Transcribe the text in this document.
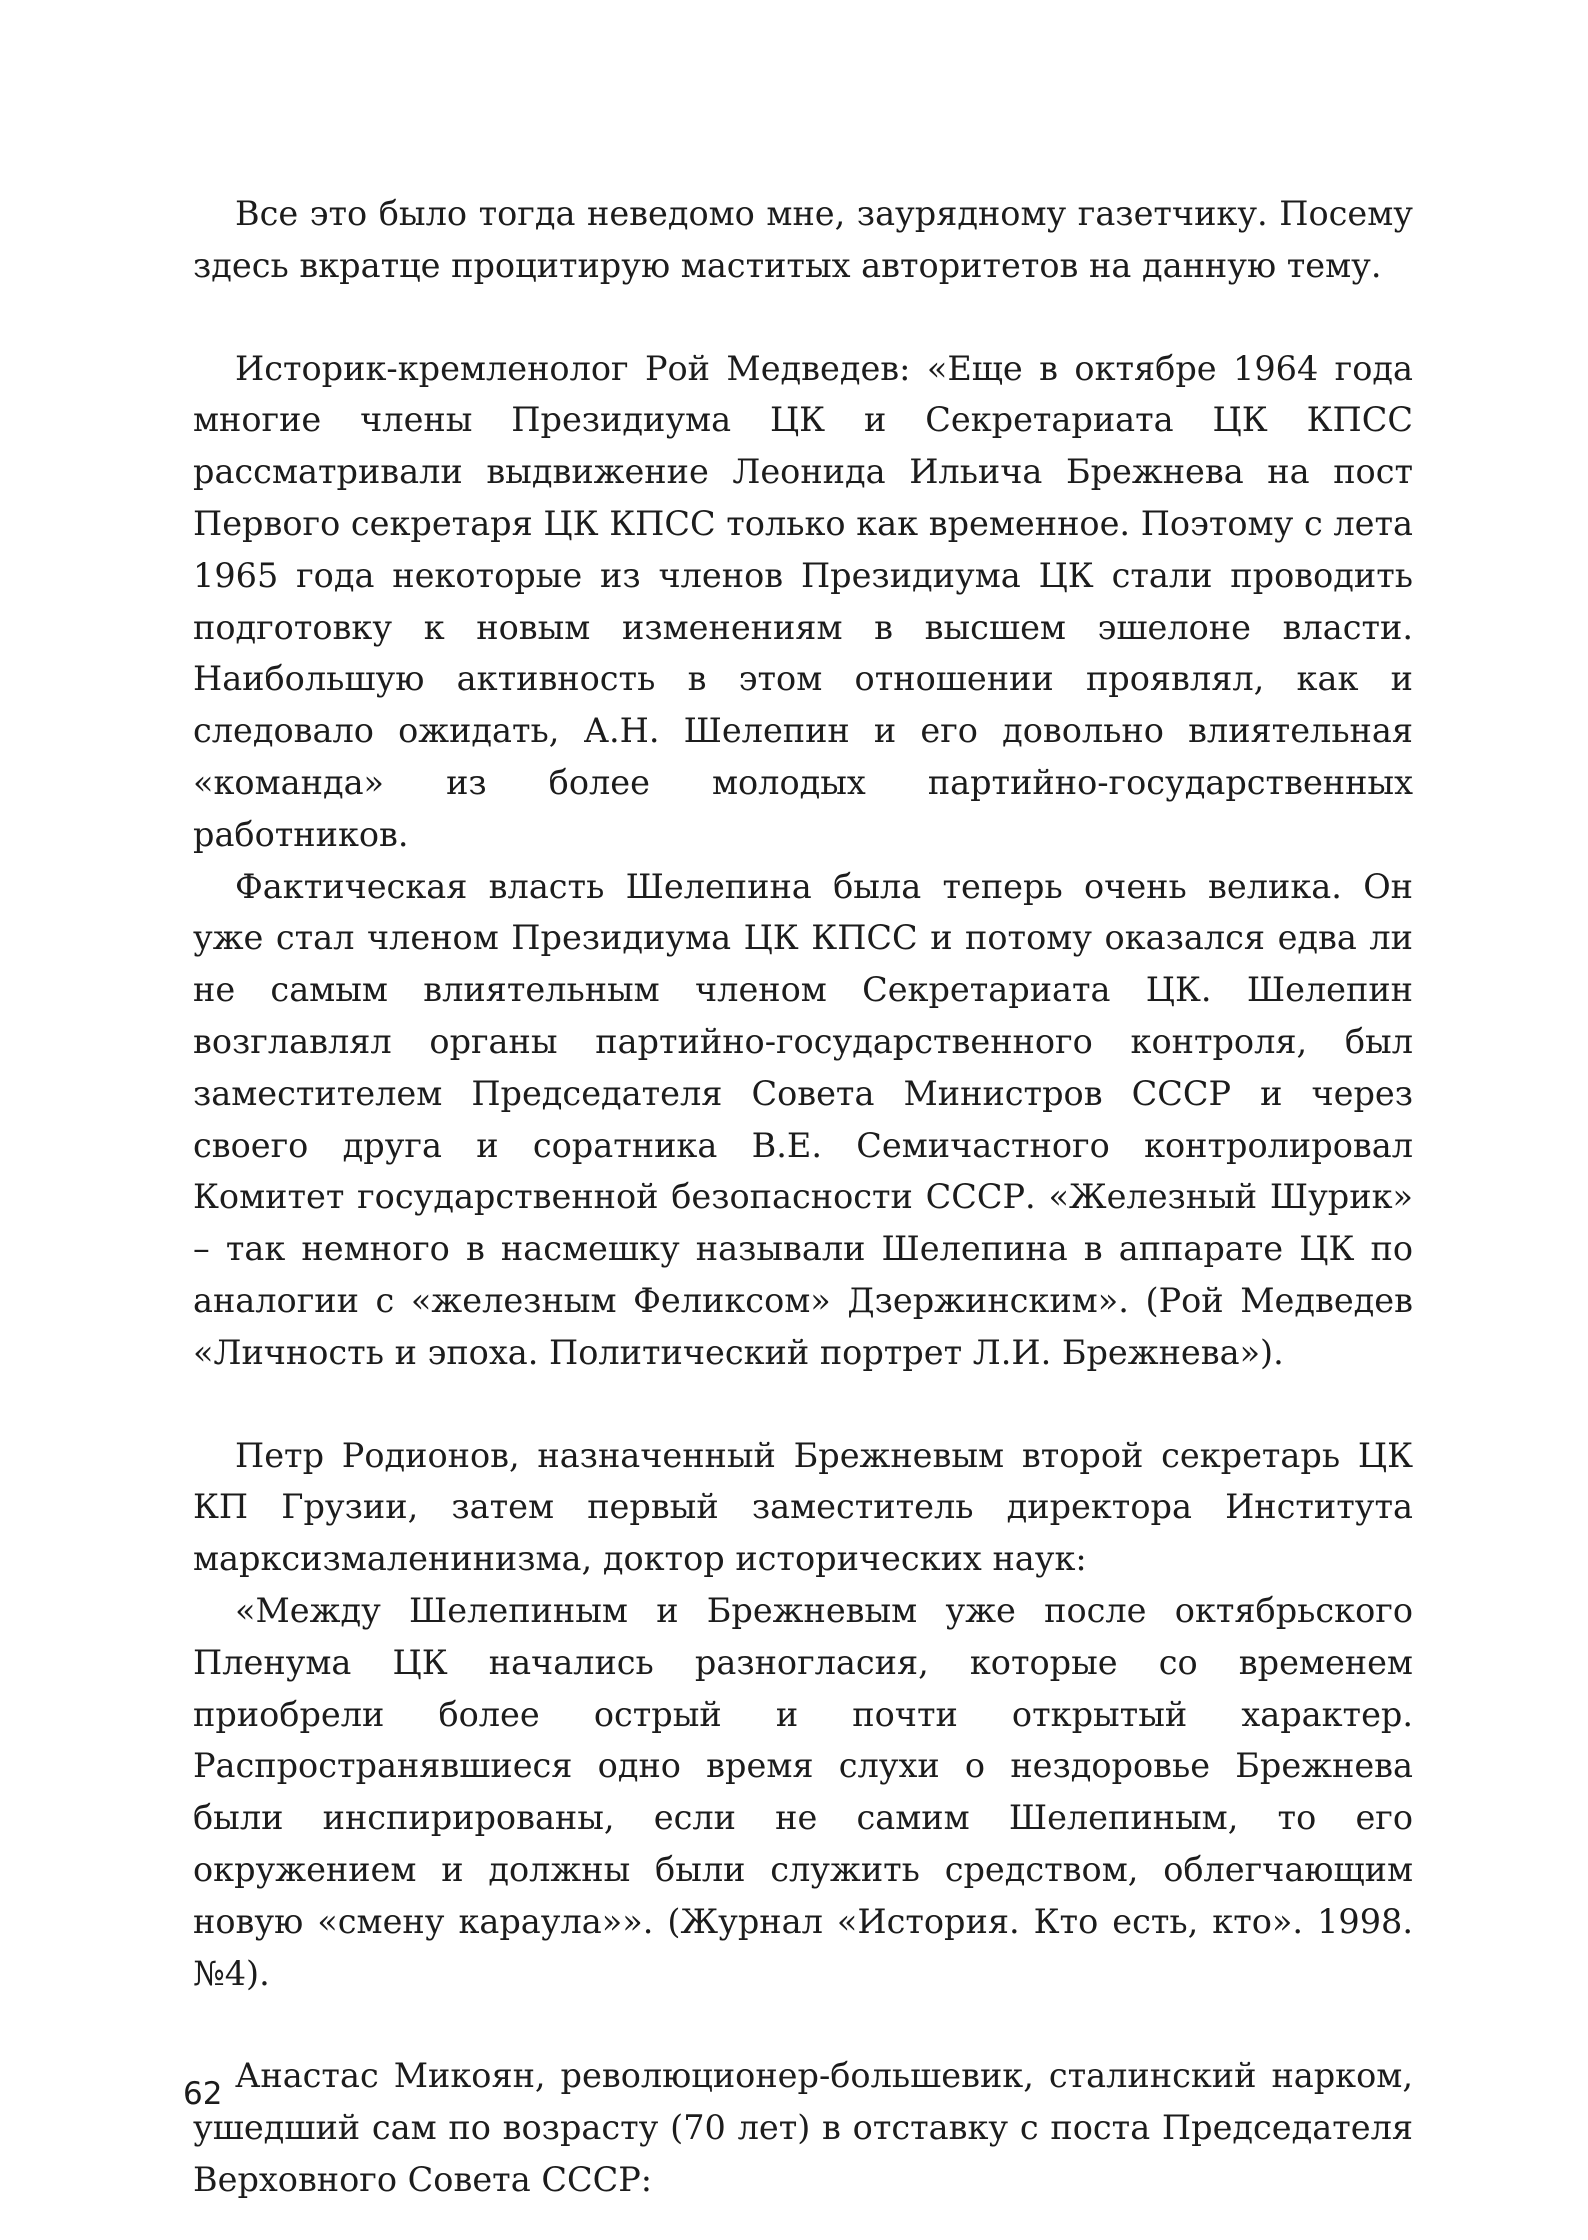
Все это было тогда неведомо мне, заурядному газетчику. Посему здесь вкратце процитирую маститых авторитетов на данную тему.

Историк-кремленолог Рой Медведев: «Еще в октябре 1964 года многие члены Президиума ЦК и Секретариата ЦК КПСС рассматривали выдвижение Леонида Ильича Брежнева на пост Первого секретаря ЦК КПСС только как временное. Поэтому с лета 1965 года некоторые из членов Президиума ЦК стали проводить подготовку к новым изменениям в высшем эшелоне власти. Наибольшую активность в этом отношении проявлял, как и следовало ожидать, А.Н. Шелепин и его довольно влиятельная «команда» из более молодых партийно-государственных работников.

Фактическая власть Шелепина была теперь очень велика. Он уже стал членом Президиума ЦК КПСС и потому оказался едва ли не самым влиятельным членом Секретариата ЦК. Шелепин возглавлял органы партийно-государственного контроля, был заместителем Председателя Совета Министров СССР и через своего друга и соратника В.Е. Семичастного контролировал Комитет государственной безопасности СССР. «Железный Шурик» – так немного в насмешку называли Шелепина в аппарате ЦК по аналогии с «железным Феликсом» Дзержинским». (Рой Медведев «Личность и эпоха. Политический портрет Л.И. Брежнева»).

Петр Родионов, назначенный Брежневым второй секретарь ЦК КП Грузии, затем первый заместитель директора Института марксизмаленинизма, доктор исторических наук:

«Между Шелепиным и Брежневым уже после октябрьского Пленума ЦК начались разногласия, которые со временем приобрели более острый и почти открытый характер. Распространявшиеся одно время слухи о нездоровье Брежнева были инспирированы, если не самим Шелепиным, то его окружением и должны были служить средством, облегчающим новую «смену караула»». (Журнал «История. Кто есть, кто». 1998. №4).

Анастас Микоян, революционер-большевик, сталинский нарком, ушедший сам по возрасту (70 лет) в отставку с поста Председателя Верховного Совета СССР:

62
